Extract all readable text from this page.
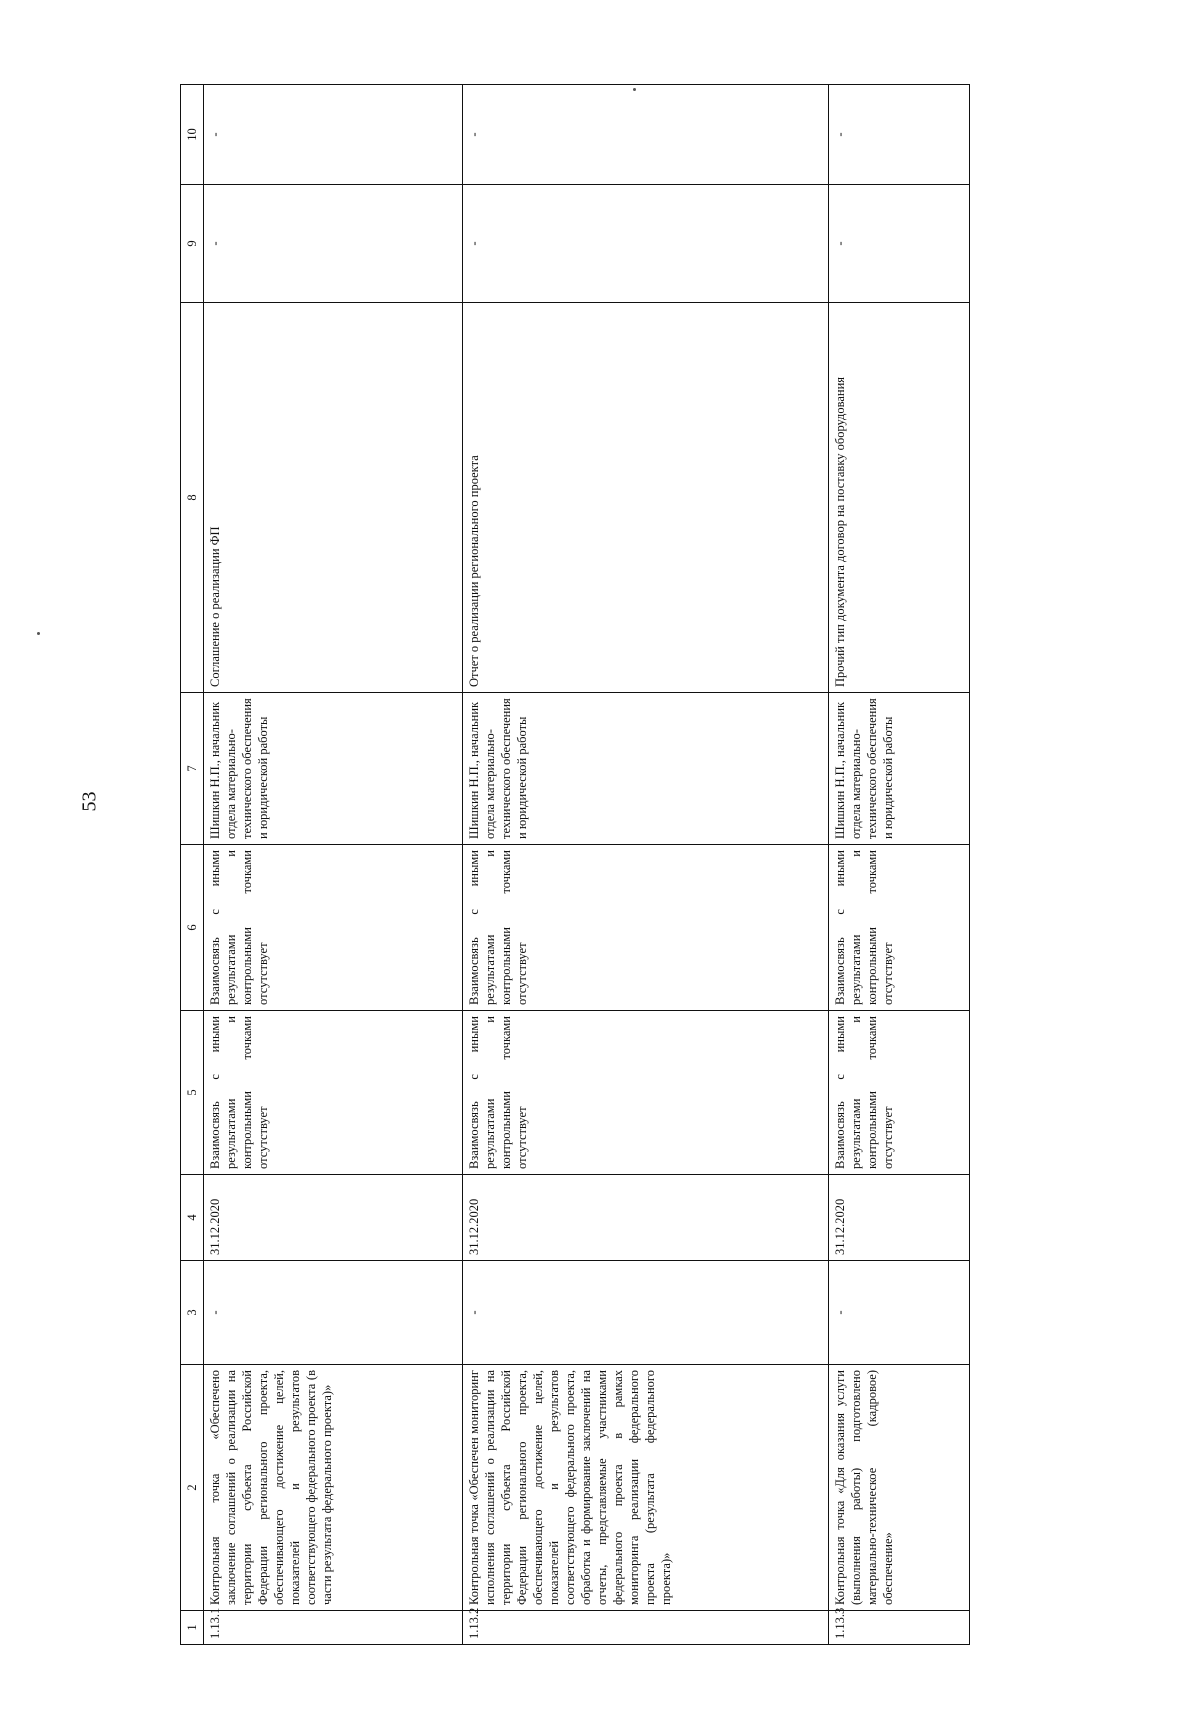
53
1	2	3	4	5	6	7	8	9	10
1.13.1	Контрольная точка «Обеспечено заключение соглашений о реализации на территории субъекта Российской Федерации регионального проекта, обеспечивающего достижение целей, показателей и результатов соответствующего федерального проекта (в части результата федерального проекта)»	-	31.12.2020	Взаимосвязь с иными результатами и контрольными точками отсутствует	Взаимосвязь с иными результатами и контрольными точками отсутствует	Шишкин Н.П., начальник отдела материально-технического обеспечения и юридической работы	Соглашение о реализации ФП	-	-
1.13.2	Контрольная точка «Обеспечен мониторинг исполнения соглашений о реализации на территории субъекта Российской Федерации регионального проекта, обеспечивающего достижение целей, показателей и результатов соответствующего федерального проекта, обработка и формирование заключений на отчеты, представляемые участниками федерального проекта в рамках мониторинга реализации федерального проекта (результата федерального проекта)»	-	31.12.2020	Взаимосвязь с иными результатами и контрольными точками отсутствует	Взаимосвязь с иными результатами и контрольными точками отсутствует	Шишкин Н.П., начальник отдела материально-технического обеспечения и юридической работы	Отчет о реализации регионального проекта	-	-
1.13.3	Контрольная точка «Для оказания услуги (выполнения работы) подготовлено материально-техническое (кадровое) обеспечение»	-	31.12.2020	Взаимосвязь с иными результатами и контрольными точками отсутствует	Взаимосвязь с иными результатами и контрольными точками отсутствует	Шишкин Н.П., начальник отдела материально-технического обеспечения и юридической работы	Прочий тип документа договор на поставку оборудования	-	-
